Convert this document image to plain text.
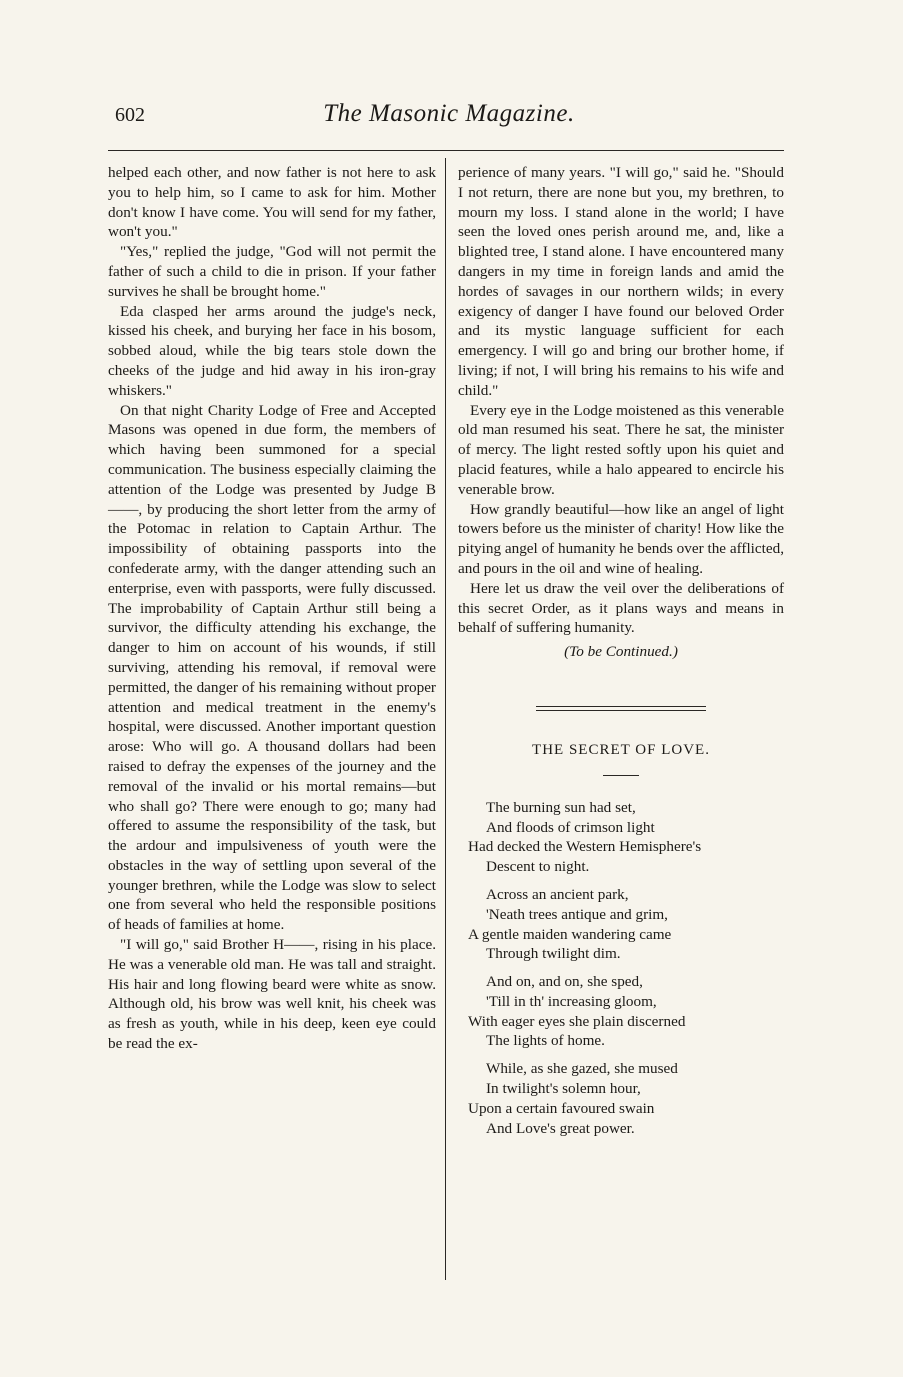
602	The Masonic Magazine.

helped each other, and now father is not here to ask you to help him, so I came to ask for him. Mother don't know I have come. You will send for my father, won't you."

"Yes," replied the judge, "God will not permit the father of such a child to die in prison. If your father survives he shall be brought home."

Eda clasped her arms around the judge's neck, kissed his cheek, and burying her face in his bosom, sobbed aloud, while the big tears stole down the cheeks of the judge and hid away in his iron-gray whiskers."

On that night Charity Lodge of Free and Accepted Masons was opened in due form, the members of which having been summoned for a special communication. The business especially claiming the attention of the Lodge was presented by Judge B——, by producing the short letter from the army of the Potomac in relation to Captain Arthur. The impossibility of obtaining passports into the confederate army, with the danger attending such an enterprise, even with passports, were fully discussed. The improbability of Captain Arthur still being a survivor, the difficulty attending his exchange, the danger to him on account of his wounds, if still surviving, attending his removal, if removal were permitted, the danger of his remaining without proper attention and medical treatment in the enemy's hospital, were discussed. Another important question arose: Who will go. A thousand dollars had been raised to defray the expenses of the journey and the removal of the invalid or his mortal remains—but who shall go? There were enough to go; many had offered to assume the responsibility of the task, but the ardour and impulsiveness of youth were the obstacles in the way of settling upon several of the younger brethren, while the Lodge was slow to select one from several who held the responsible positions of heads of families at home.

"I will go," said Brother H——, rising in his place. He was a venerable old man. He was tall and straight. His hair and long flowing beard were white as snow. Although old, his brow was well knit, his cheek was as fresh as youth, while in his deep, keen eye could be read the ex-

perience of many years. "I will go," said he. "Should I not return, there are none but you, my brethren, to mourn my loss. I stand alone in the world; I have seen the loved ones perish around me, and, like a blighted tree, I stand alone. I have encountered many dangers in my time in foreign lands and amid the hordes of savages in our northern wilds; in every exigency of danger I have found our beloved Order and its mystic language sufficient for each emergency. I will go and bring our brother home, if living; if not, I will bring his remains to his wife and child."

Every eye in the Lodge moistened as this venerable old man resumed his seat. There he sat, the minister of mercy. The light rested softly upon his quiet and placid features, while a halo appeared to encircle his venerable brow.

How grandly beautiful—how like an angel of light towers before us the minister of charity! How like the pitying angel of humanity he bends over the afflicted, and pours in the oil and wine of healing.

Here let us draw the veil over the deliberations of this secret Order, as it plans ways and means in behalf of suffering humanity.

(To be Continued.)

THE SECRET OF LOVE.

The burning sun had set,
And floods of crimson light
Had decked the Western Hemisphere's
Descent to night.
Across an ancient park,
'Neath trees antique and grim,
A gentle maiden wandering came
Through twilight dim.
And on, and on, she sped,
'Till in th' increasing gloom,
With eager eyes she plain discerned
The lights of home.
While, as she gazed, she mused
In twilight's solemn hour,
Upon a certain favoured swain
And Love's great power.
